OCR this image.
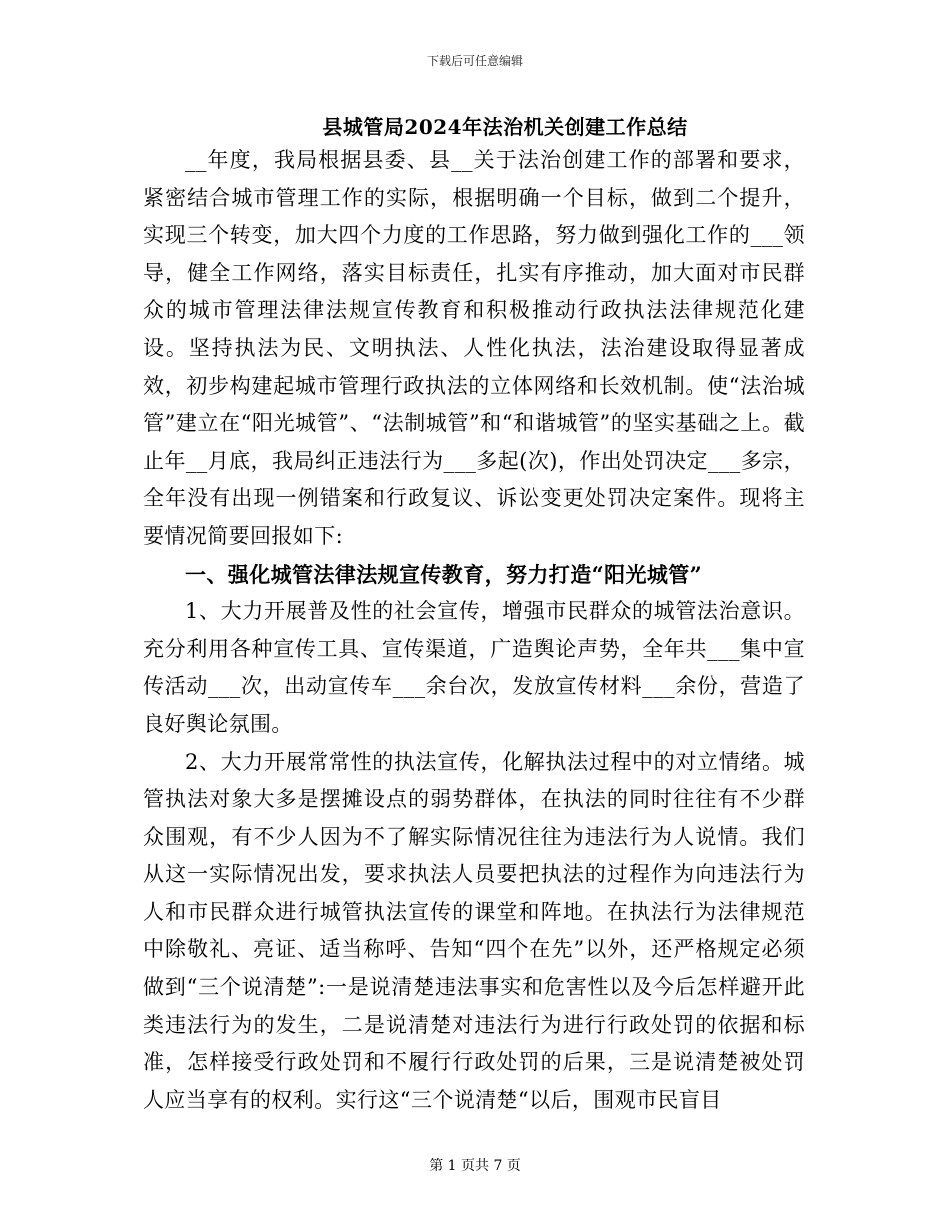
下载后可任意编辑
县城管局2024年法治机关创建工作总结

__年度，我局根据县委、县__关于法治创建工作的部署和要求，紧密结合城市管理工作的实际，根据明确一个目标，做到二个提升，实现三个转变，加大四个力度的工作思路，努力做到强化工作的___领导，健全工作网络，落实目标责任，扎实有序推动，加大面对市民群众的城市管理法律法规宣传教育和积极推动行政执法法律规范化建设。坚持执法为民、文明执法、人性化执法，法治建设取得显著成效，初步构建起城市管理行政执法的立体网络和长效机制。使“法治城管”建立在“阳光城管”、“法制城管”和“和谐城管”的坚实基础之上。截止年__月底，我局纠正违法行为___多起(次)，作出处罚决定___多宗，全年没有出现一例错案和行政复议、诉讼变更处罚决定案件。现将主要情况简要回报如下:

一、强化城管法律法规宣传教育，努力打造“阳光城管”

1、大力开展普及性的社会宣传，增强市民群众的城管法治意识。充分利用各种宣传工具、宣传渠道，广造舆论声势，全年共___集中宣传活动___次，出动宣传车___余台次，发放宣传材料___余份，营造了良好舆论氛围。

2、大力开展常常性的执法宣传，化解执法过程中的对立情绪。城管执法对象大多是摆摊设点的弱势群体，在执法的同时往往有不少群众围观，有不少人因为不了解实际情况往往为违法行为人说情。我们从这一实际情况出发，要求执法人员要把执法的过程作为向违法行为人和市民群众进行城管执法宣传的课堂和阵地。在执法行为法律规范中除敬礼、亮证、适当称呼、告知“四个在先”以外，还严格规定必须做到“三个说清楚”:一是说清楚违法事实和危害性以及今后怎样避开此类违法行为的发生，二是说清楚对违法行为进行行政处罚的依据和标准，怎样接受行政处罚和不履行行政处罚的后果，三是说清楚被处罚人应当享有的权利。实行这“三个说清楚“以后，围观市民盲目

第 1 页共 7 页
